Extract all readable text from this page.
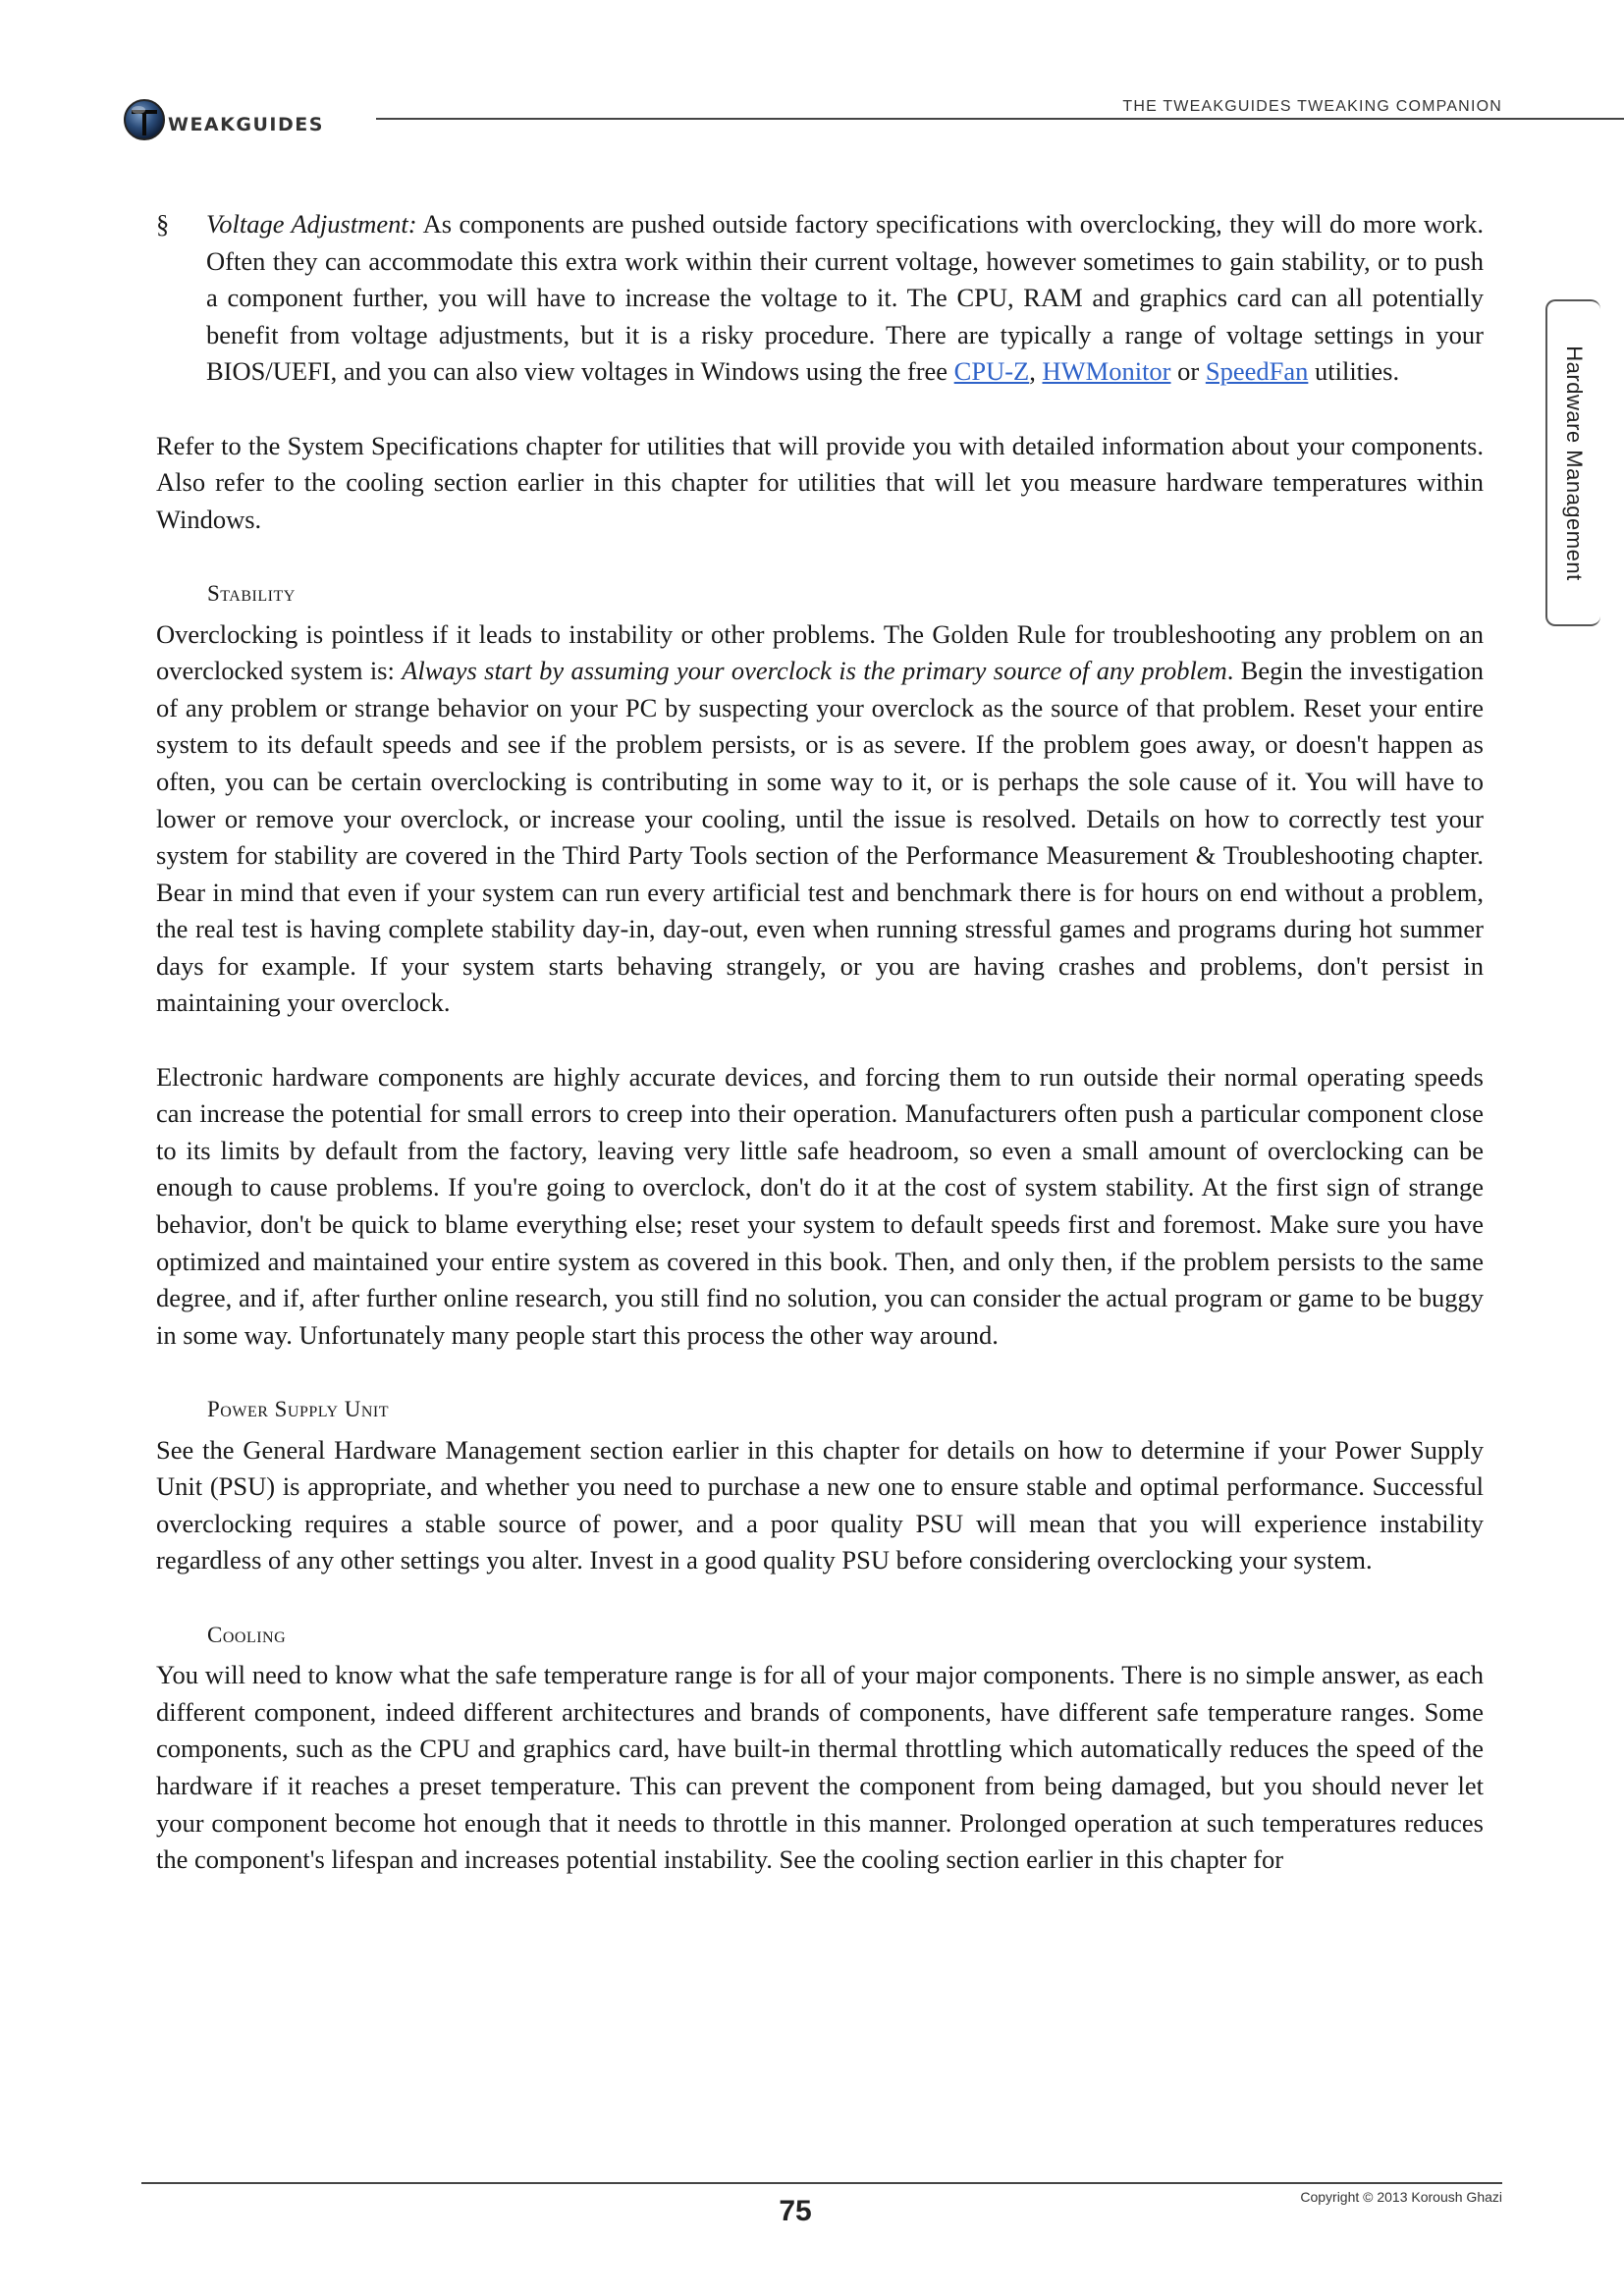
WEAKGUIDES
THE TWEAKGUIDES TWEAKING COMPANION
Hardware Management

§ Voltage Adjustment: As components are pushed outside factory specifications with overclocking, they will do more work. Often they can accommodate this extra work within their current voltage, however sometimes to gain stability, or to push a component further, you will have to increase the voltage to it. The CPU, RAM and graphics card can all potentially benefit from voltage adjustments, but it is a risky procedure. There are typically a range of voltage settings in your BIOS/UEFI, and you can also view voltages in Windows using the free CPU-Z, HWMonitor or SpeedFan utilities.

Refer to the System Specifications chapter for utilities that will provide you with detailed information about your components. Also refer to the cooling section earlier in this chapter for utilities that will let you measure hardware temperatures within Windows.

Stability

Overclocking is pointless if it leads to instability or other problems. The Golden Rule for troubleshooting any problem on an overclocked system is: Always start by assuming your overclock is the primary source of any problem. Begin the investigation of any problem or strange behavior on your PC by suspecting your overclock as the source of that problem. Reset your entire system to its default speeds and see if the problem persists, or is as severe. If the problem goes away, or doesn't happen as often, you can be certain overclocking is contributing in some way to it, or is perhaps the sole cause of it. You will have to lower or remove your overclock, or increase your cooling, until the issue is resolved. Details on how to correctly test your system for stability are covered in the Third Party Tools section of the Performance Measurement & Troubleshooting chapter. Bear in mind that even if your system can run every artificial test and benchmark there is for hours on end without a problem, the real test is having complete stability day-in, day-out, even when running stressful games and programs during hot summer days for example. If your system starts behaving strangely, or you are having crashes and problems, don't persist in maintaining your overclock.

Electronic hardware components are highly accurate devices, and forcing them to run outside their normal operating speeds can increase the potential for small errors to creep into their operation. Manufacturers often push a particular component close to its limits by default from the factory, leaving very little safe headroom, so even a small amount of overclocking can be enough to cause problems. If you're going to overclock, don't do it at the cost of system stability. At the first sign of strange behavior, don't be quick to blame everything else; reset your system to default speeds first and foremost. Make sure you have optimized and maintained your entire system as covered in this book. Then, and only then, if the problem persists to the same degree, and if, after further online research, you still find no solution, you can consider the actual program or game to be buggy in some way. Unfortunately many people start this process the other way around.

Power Supply Unit

See the General Hardware Management section earlier in this chapter for details on how to determine if your Power Supply Unit (PSU) is appropriate, and whether you need to purchase a new one to ensure stable and optimal performance. Successful overclocking requires a stable source of power, and a poor quality PSU will mean that you will experience instability regardless of any other settings you alter. Invest in a good quality PSU before considering overclocking your system.

Cooling

You will need to know what the safe temperature range is for all of your major components. There is no simple answer, as each different component, indeed different architectures and brands of components, have different safe temperature ranges. Some components, such as the CPU and graphics card, have built-in thermal throttling which automatically reduces the speed of the hardware if it reaches a preset temperature. This can prevent the component from being damaged, but you should never let your component become hot enough that it needs to throttle in this manner. Prolonged operation at such temperatures reduces the component's lifespan and increases potential instability. See the cooling section earlier in this chapter for

Copyright © 2013 Koroush Ghazi
75
